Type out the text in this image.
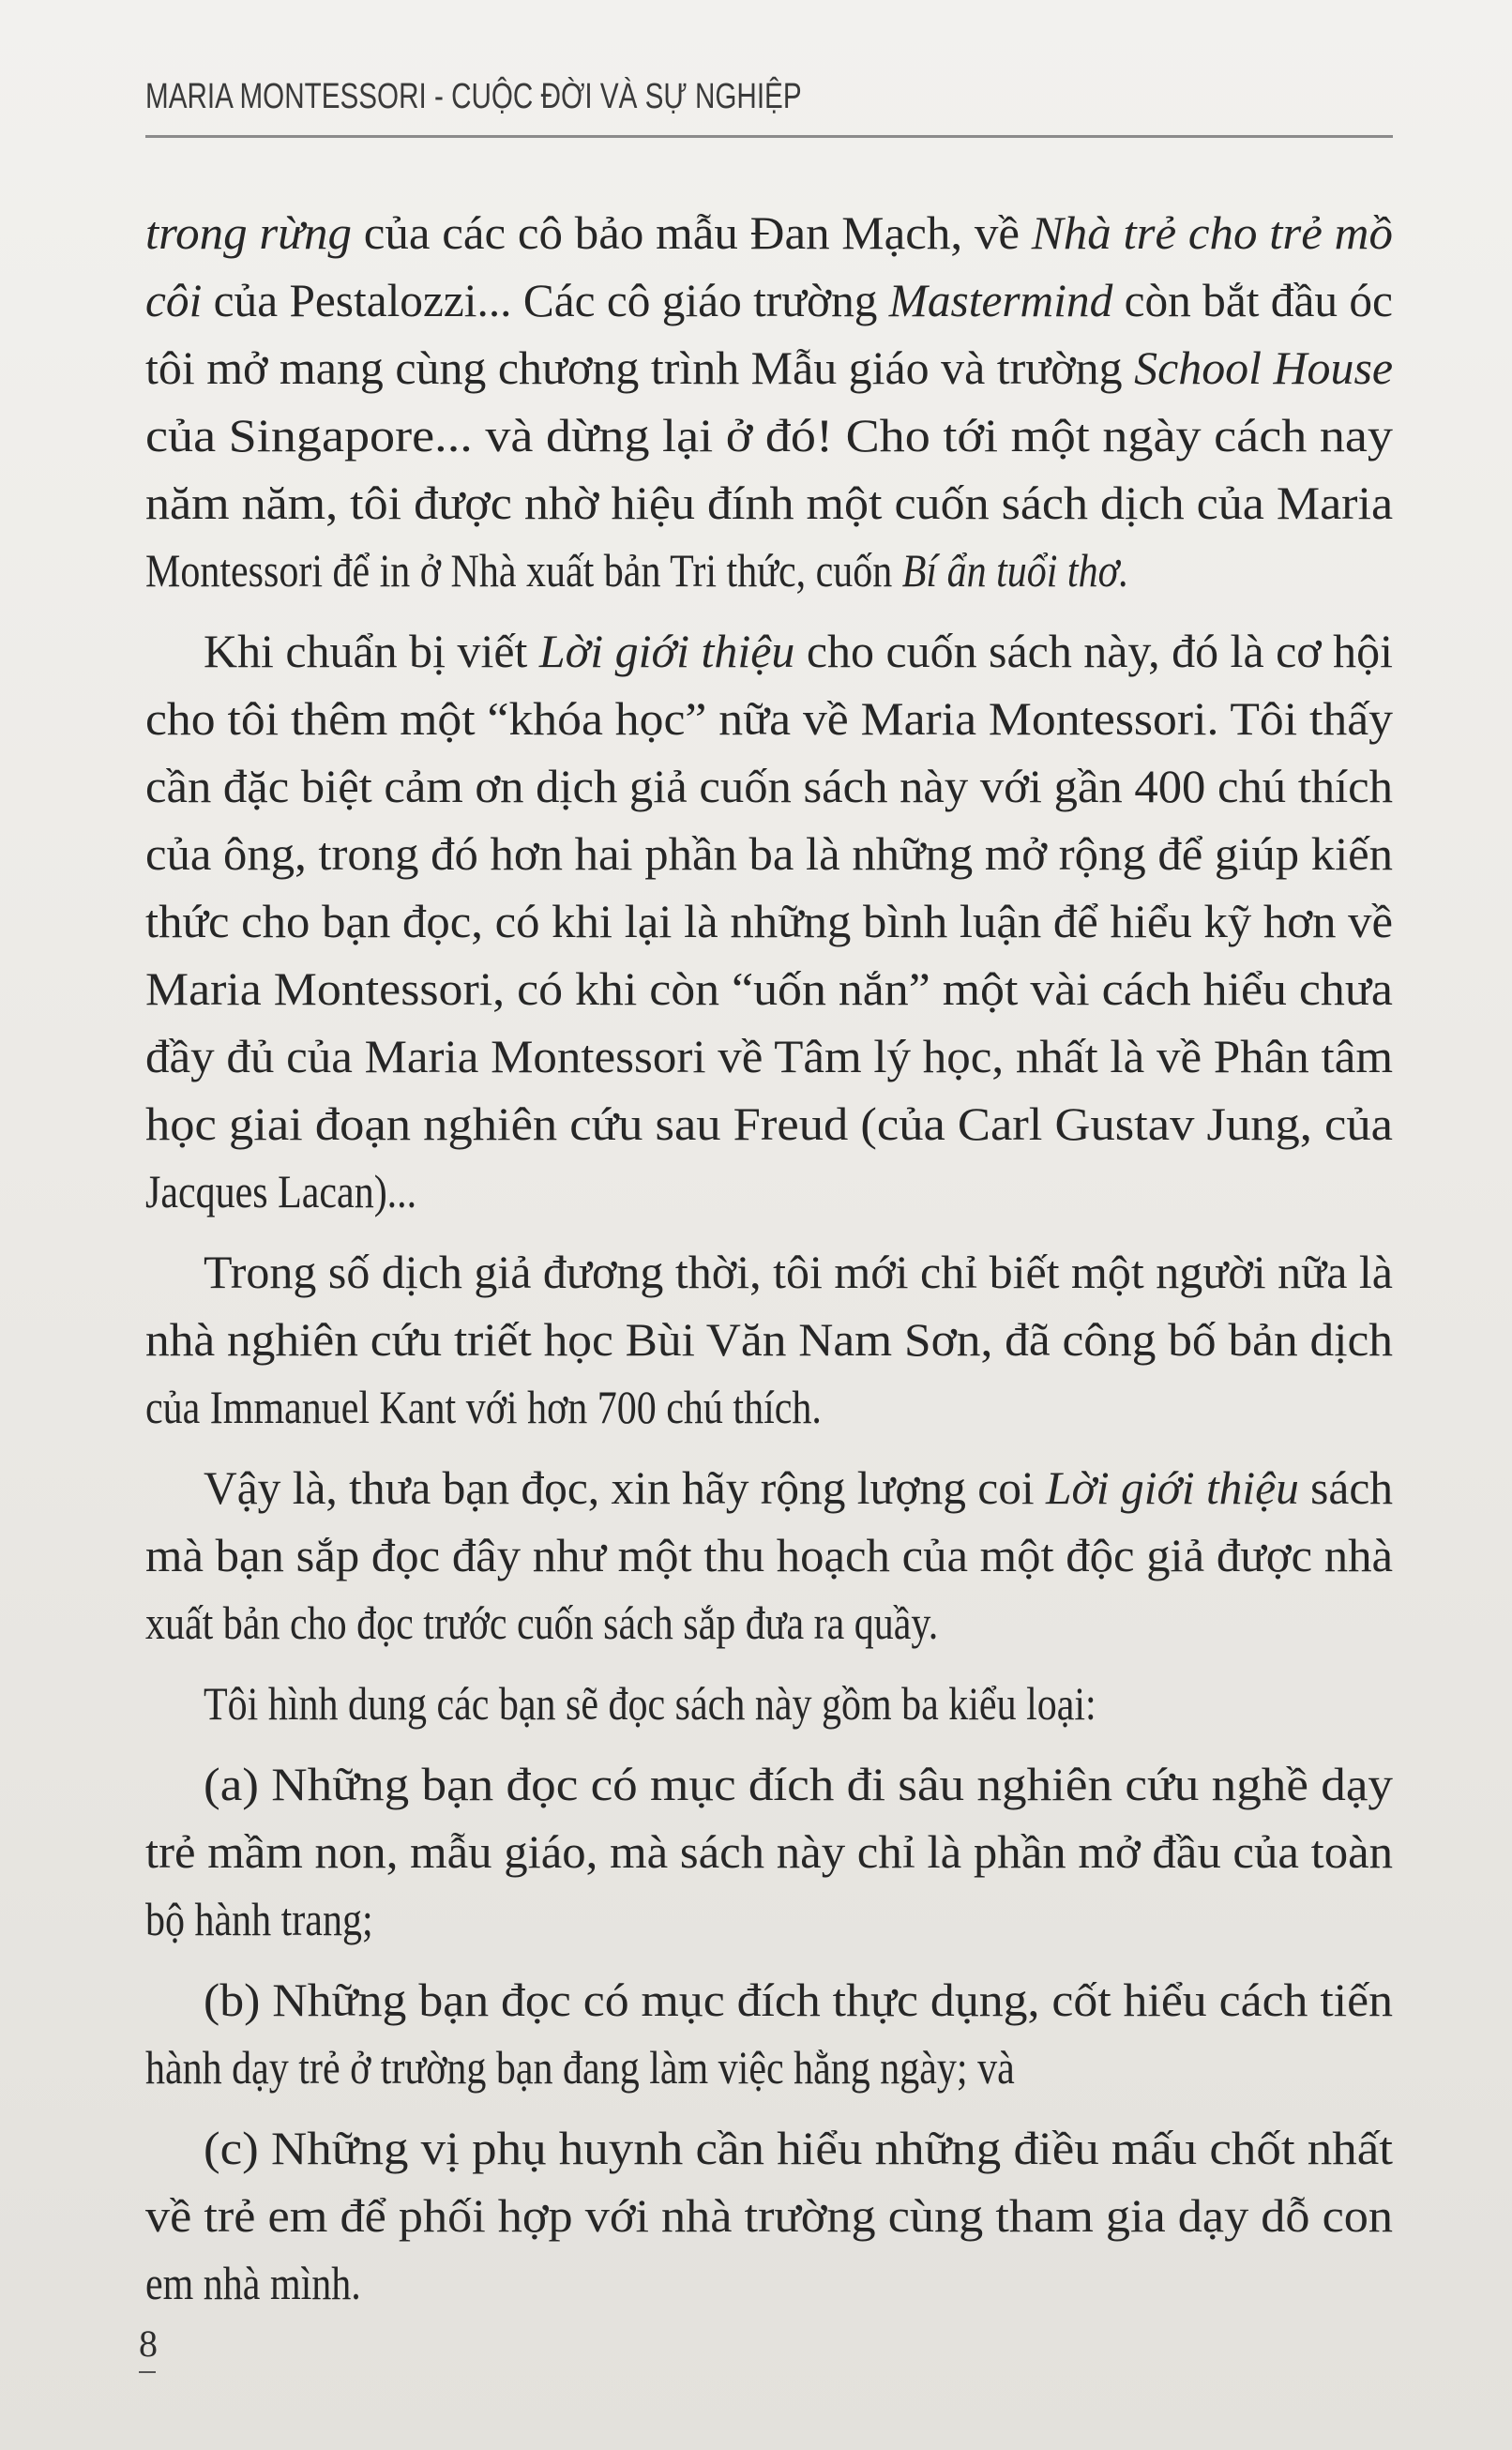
MARIA MONTESSORI - CUỘC ĐỜI VÀ SỰ NGHIỆP
trong rừng của các cô bảo mẫu Đan Mạch, về Nhà trẻ cho trẻ mồ
côi của Pestalozzi... Các cô giáo trường Mastermind còn bắt đầu óc
tôi mở mang cùng chương trình Mẫu giáo và trường School House
của Singapore... và dừng lại ở đó! Cho tới một ngày cách nay
năm năm, tôi được nhờ hiệu đính một cuốn sách dịch của Maria
Montessori để in ở Nhà xuất bản Tri thức, cuốn Bí ẩn tuổi thơ.
Khi chuẩn bị viết Lời giới thiệu cho cuốn sách này, đó là cơ hội
cho tôi thêm một “khóa học” nữa về Maria Montessori. Tôi thấy
cần đặc biệt cảm ơn dịch giả cuốn sách này với gần 400 chú thích
của ông, trong đó hơn hai phần ba là những mở rộng để giúp kiến
thức cho bạn đọc, có khi lại là những bình luận để hiểu kỹ hơn về
Maria Montessori, có khi còn “uốn nắn” một vài cách hiểu chưa
đầy đủ của Maria Montessori về Tâm lý học, nhất là về Phân tâm
học giai đoạn nghiên cứu sau Freud (của Carl Gustav Jung, của
Jacques Lacan)...
Trong số dịch giả đương thời, tôi mới chỉ biết một người nữa là
nhà nghiên cứu triết học Bùi Văn Nam Sơn, đã công bố bản dịch
của Immanuel Kant với hơn 700 chú thích.
Vậy là, thưa bạn đọc, xin hãy rộng lượng coi Lời giới thiệu sách
mà bạn sắp đọc đây như một thu hoạch của một độc giả được nhà
xuất bản cho đọc trước cuốn sách sắp đưa ra quầy.
Tôi hình dung các bạn sẽ đọc sách này gồm ba kiểu loại:
(a) Những bạn đọc có mục đích đi sâu nghiên cứu nghề dạy
trẻ mầm non, mẫu giáo, mà sách này chỉ là phần mở đầu của toàn
bộ hành trang;
(b) Những bạn đọc có mục đích thực dụng, cốt hiểu cách tiến
hành dạy trẻ ở trường bạn đang làm việc hằng ngày; và
(c) Những vị phụ huynh cần hiểu những điều mấu chốt nhất
về trẻ em để phối hợp với nhà trường cùng tham gia dạy dỗ con
em nhà mình.
8
